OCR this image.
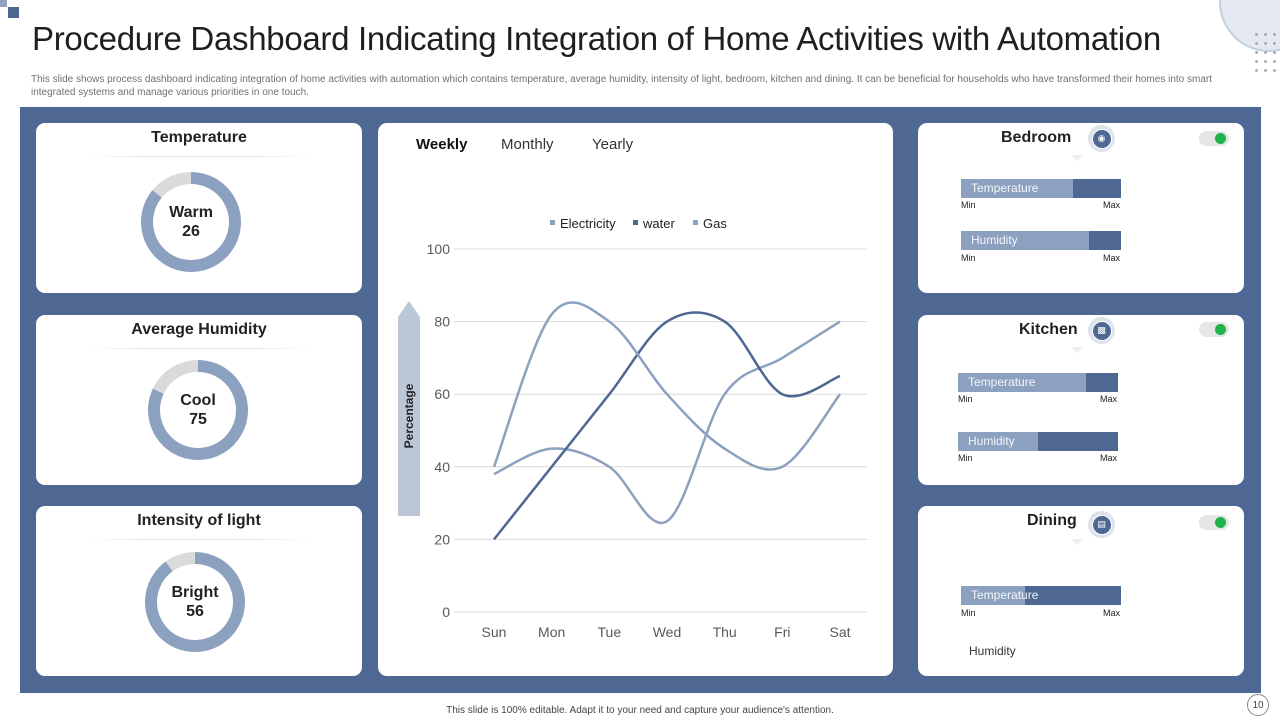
Procedure Dashboard Indicating Integration of Home Activities with Automation

This slide shows process dashboard indicating integration of home activities with automation which contains temperature, average humidity, intensity of light, bedroom, kitchen and dining. It can be beneficial for households who have transformed their homes into smart integrated systems and manage various priorities in one touch.

Temperature
Warm
26
Average Humidity
Cool
75
Intensity of light
Bright
56
Weekly Monthly	Yearly
Percentage
0
20
40
60
80
100
Sun Mon Tue Wed Thu	Fri	Sat
Electricity water Gas
Bedroom	◉
Temperature
Min	Max
Humidity
Min	Max
Kitchen	▩
Temperature
Min	Max
Humidity
Min	Max
Dining	▤
Temperature
Min	Max
Humidity
This slide is 100% editable. Adapt it to your need and capture your audience's attention.	10
